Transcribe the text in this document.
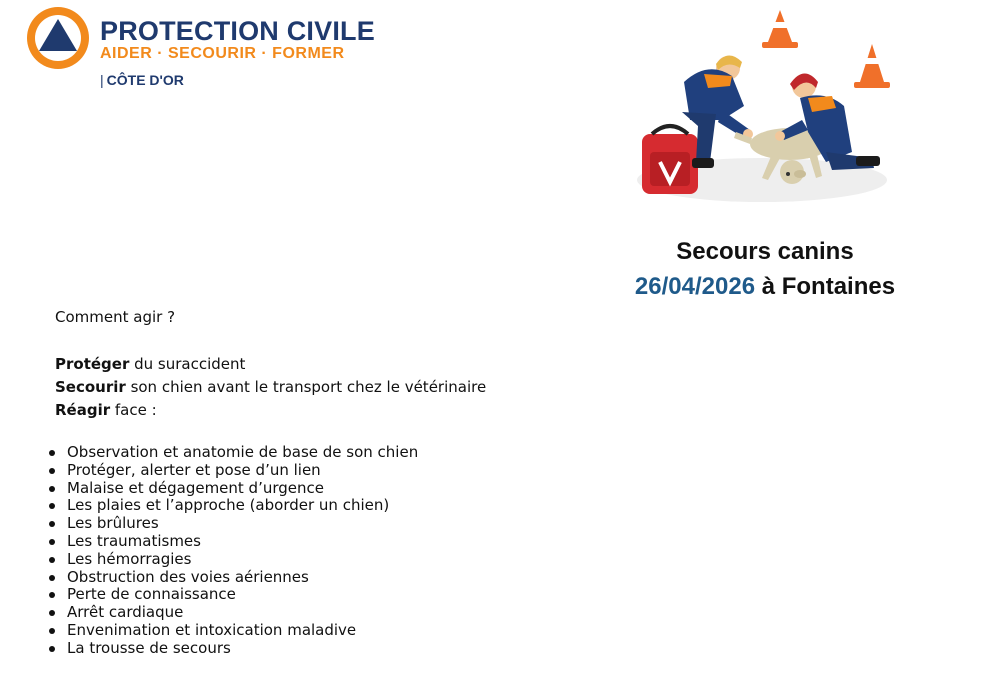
PROTECTION CIVILE
AIDER · SECOURIR · FORMER
| CÔTE D'OR
Secours canins
26/04/2026 à Fontaines

Comment agir ?

Protéger du suraccident

Secourir son chien avant le transport chez le vétérinaire

Réagir face :

Observation et anatomie de base de son chien
Protéger, alerter et pose d’un lien
Malaise et dégagement d’urgence
Les plaies et l’approche (aborder un chien)
Les brûlures
Les traumatismes
Les hémorragies
Obstruction des voies aériennes
Perte de connaissance
Arrêt cardiaque
Envenimation et intoxication maladive
La trousse de secours
